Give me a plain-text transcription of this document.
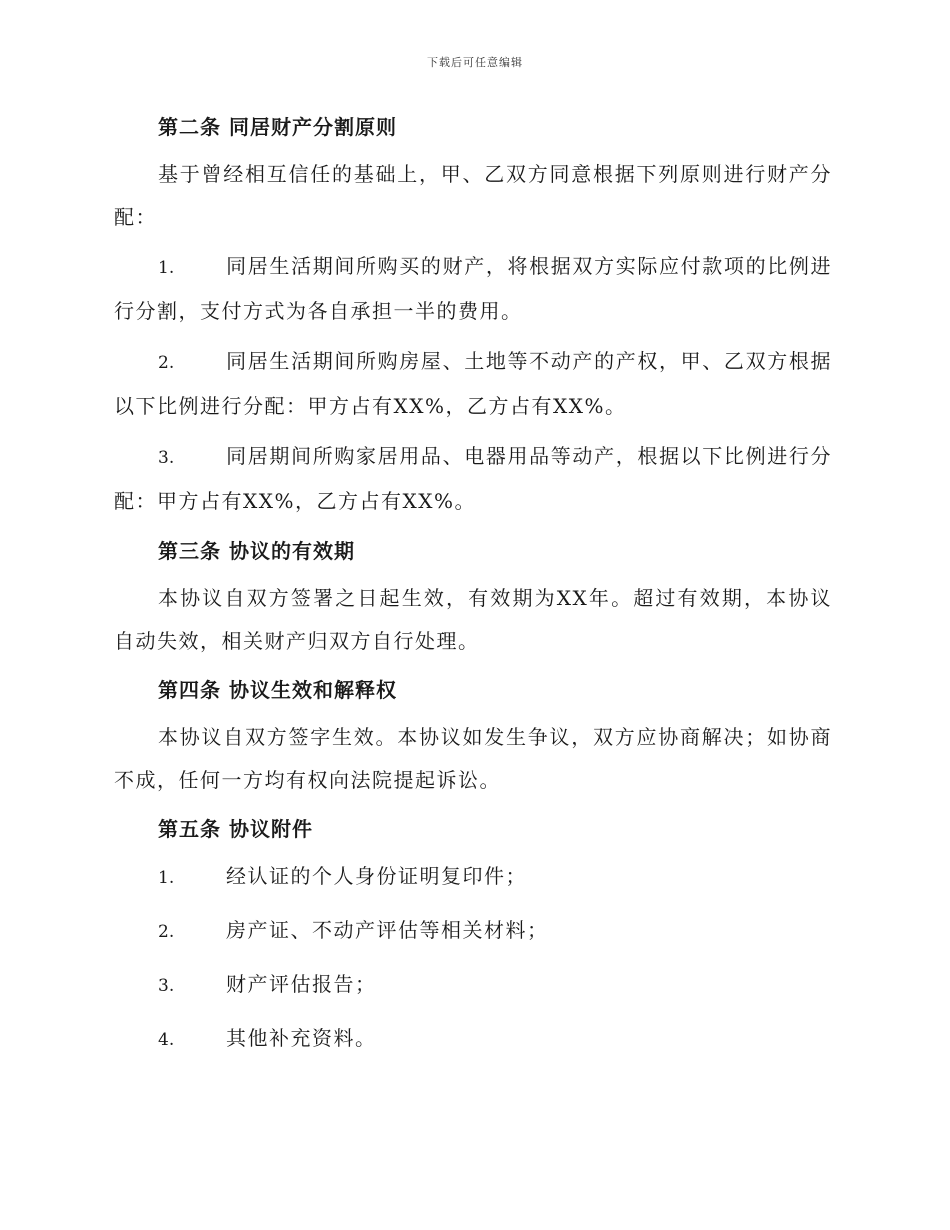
下载后可任意编辑
第二条 同居财产分割原则
基于曾经相互信任的基础上，甲、乙双方同意根据下列原则进行财产分配：
1.	同居生活期间所购买的财产，将根据双方实际应付款项的比例进行分割，支付方式为各自承担一半的费用。
2.	同居生活期间所购房屋、土地等不动产的产权，甲、乙双方根据以下比例进行分配：甲方占有XX%，乙方占有XX%。
3.	同居期间所购家居用品、电器用品等动产，根据以下比例进行分配：甲方占有XX%，乙方占有XX%。
第三条 协议的有效期
本协议自双方签署之日起生效，有效期为XX年。超过有效期，本协议自动失效，相关财产归双方自行处理。
第四条 协议生效和解释权
本协议自双方签字生效。本协议如发生争议，双方应协商解决；如协商不成，任何一方均有权向法院提起诉讼。
第五条 协议附件
1.	经认证的个人身份证明复印件；
2.	房产证、不动产评估等相关材料；
3.	财产评估报告；
4.	其他补充资料。
